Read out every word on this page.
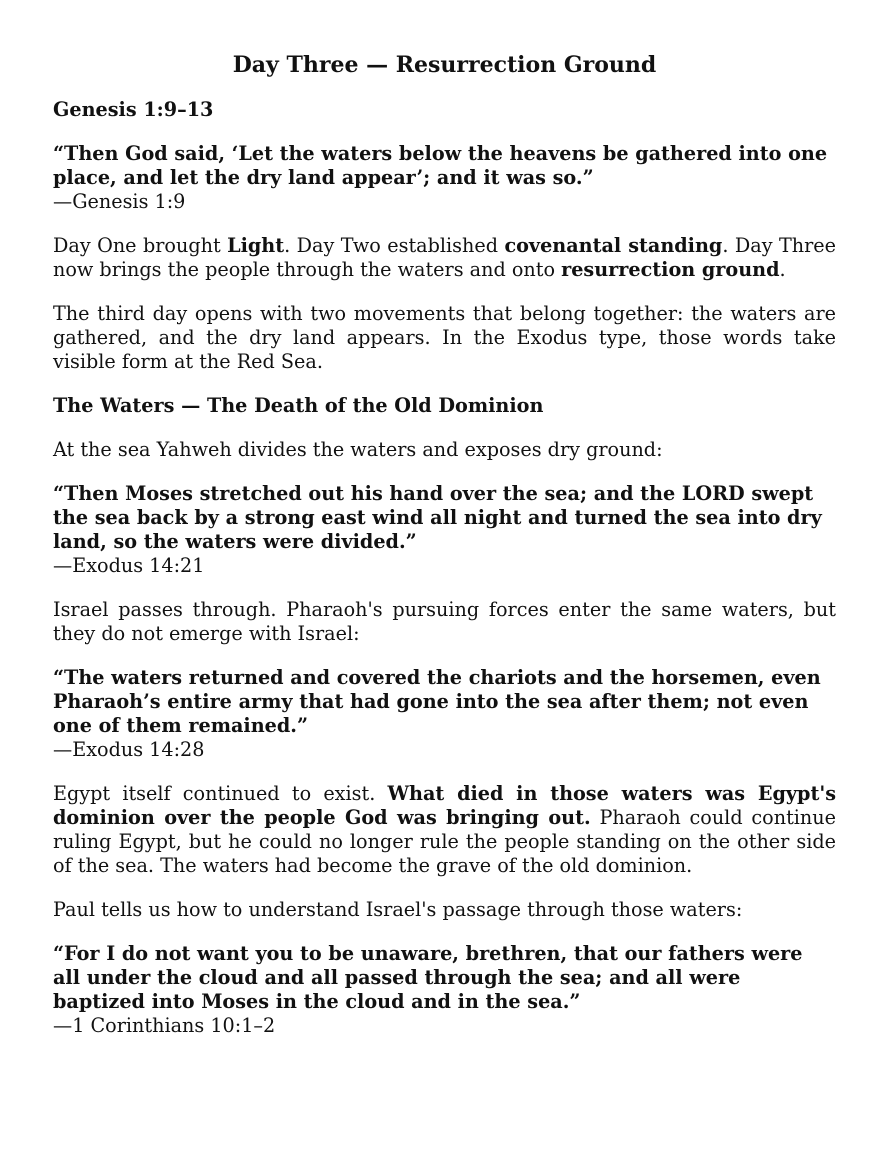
Day Three — Resurrection Ground
Genesis 1:9–13
“Then God said, ‘Let the waters below the heavens be gathered into one place, and let the dry land appear’; and it was so.”
—Genesis 1:9

Day One brought Light. Day Two established covenantal standing. Day Three now brings the people through the waters and onto resurrection ground.

The third day opens with two movements that belong together: the waters are gathered, and the dry land appears. In the Exodus type, those words take visible form at the Red Sea.

The Waters — The Death of the Old Dominion

At the sea Yahweh divides the waters and exposes dry ground:

“Then Moses stretched out his hand over the sea; and the LORD swept the sea back by a strong east wind all night and turned the sea into dry land, so the waters were divided.”
—Exodus 14:21

Israel passes through. Pharaoh's pursuing forces enter the same waters, but they do not emerge with Israel:

“The waters returned and covered the chariots and the horsemen, even Pharaoh’s entire army that had gone into the sea after them; not even one of them remained.”
—Exodus 14:28

Egypt itself continued to exist. What died in those waters was Egypt's dominion over the people God was bringing out. Pharaoh could continue ruling Egypt, but he could no longer rule the people standing on the other side of the sea. The waters had become the grave of the old dominion.

Paul tells us how to understand Israel's passage through those waters:

“For I do not want you to be unaware, brethren, that our fathers were all under the cloud and all passed through the sea; and all were baptized into Moses in the cloud and in the sea.”
—1 Corinthians 10:1–2
